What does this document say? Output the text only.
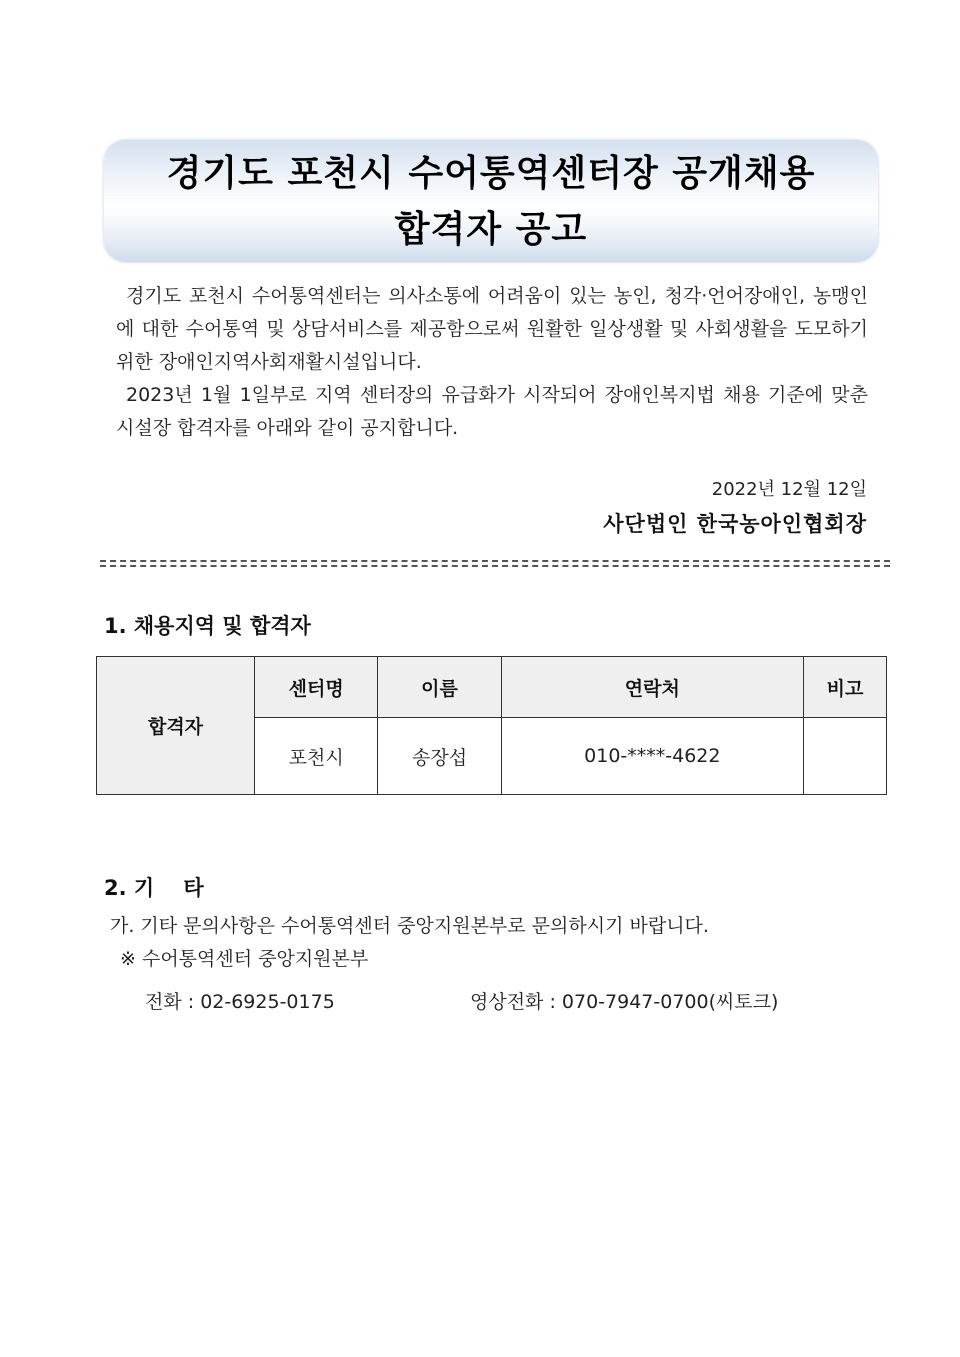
경기도 포천시 수어통역센터장 공개채용
합격자 공고

경기도 포천시 수어통역센터는 의사소통에 어려움이 있는 농인, 청각·언어장애인, 농맹인에 대한 수어통역 및 상담서비스를 제공함으로써 원활한 일상생활 및 사회생활을 도모하기 위한 장애인지역사회재활시설입니다.

2023년 1월 1일부로 지역 센터장의 유급화가 시작되어 장애인복지법 채용 기준에 맞춘 시설장 합격자를 아래와 같이 공지합니다.

2022년 12월 12일
사단법인 한국농아인협회장
1. 채용지역 및 합격자
합격자	센터명	이름	연락처	비고
	포천시	송장섭	010-****-4622	
2. 기    타
가. 기타 문의사항은 수어통역센터 중앙지원본부로 문의하시기 바랍니다.
※ 수어통역센터 중앙지원본부
전화 : 02-6925-0175	영상전화 : 070-7947-0700(씨토크)
